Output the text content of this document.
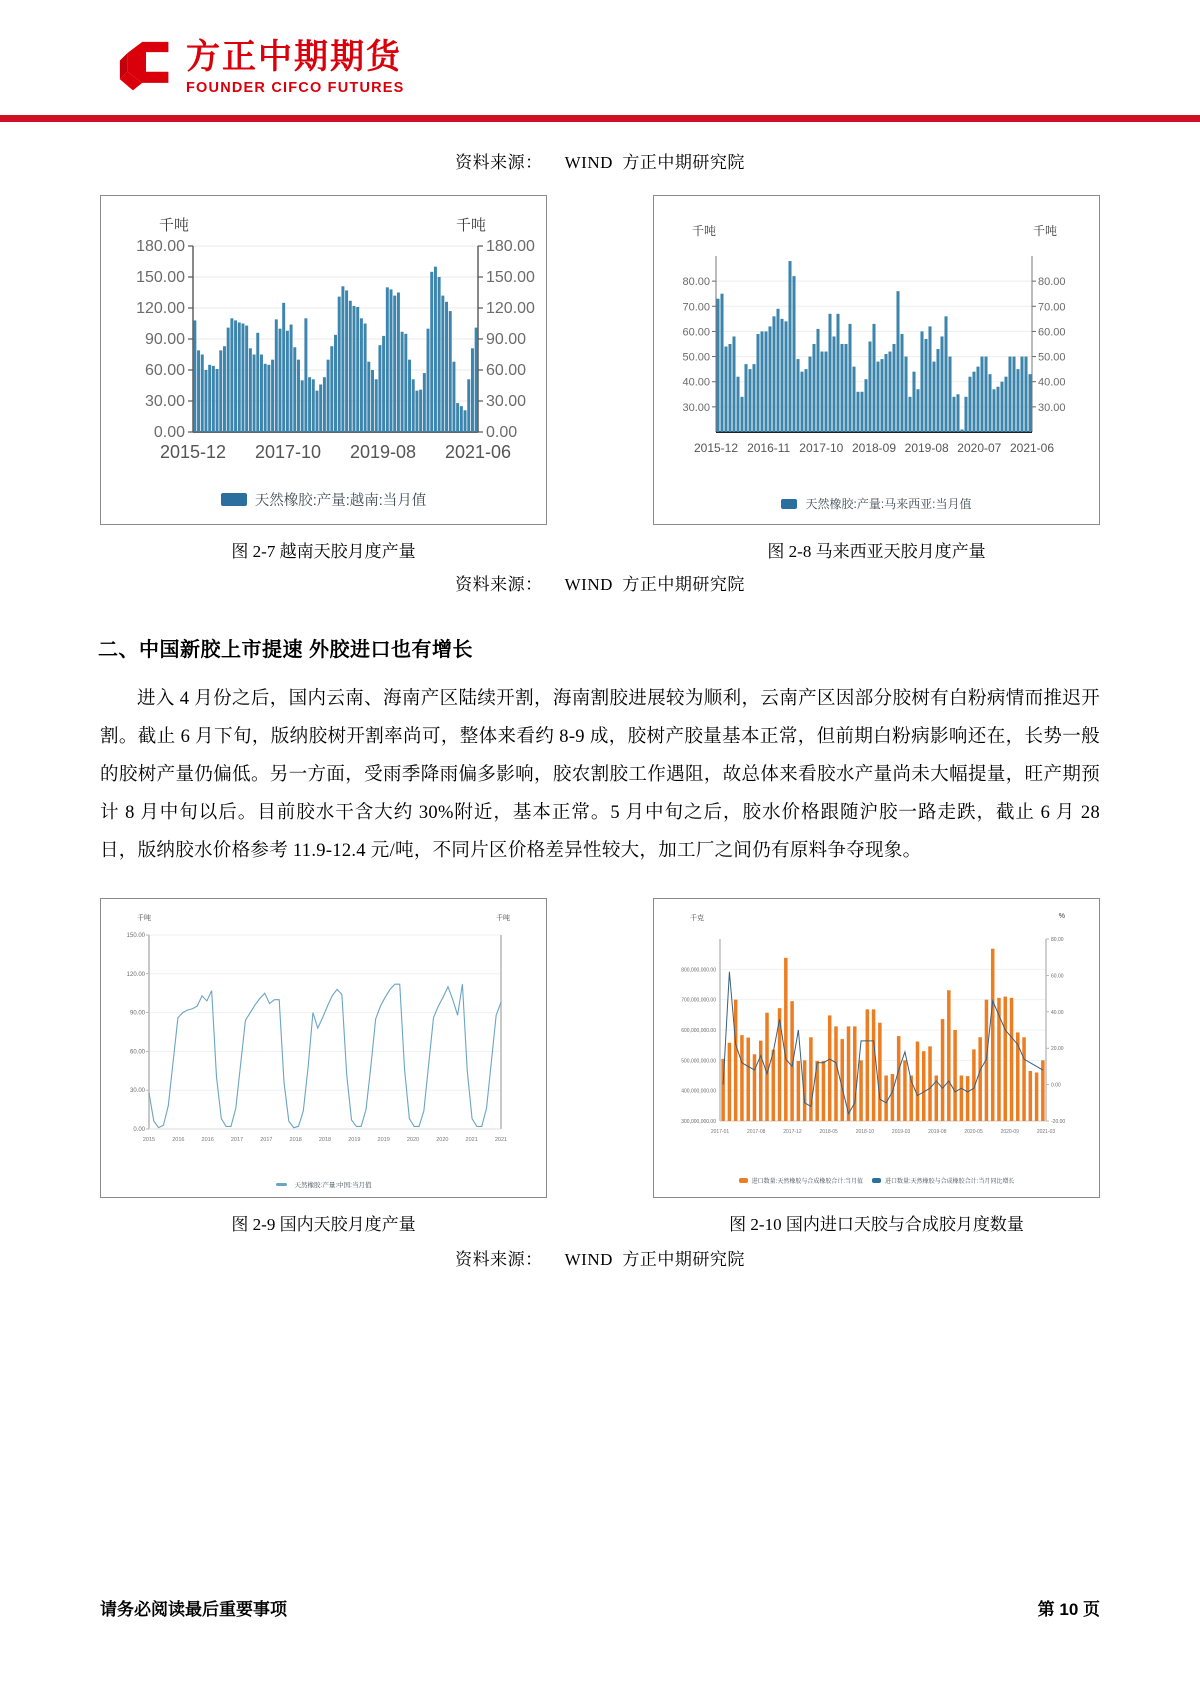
方正中期期货
FOUNDER CIFCO FUTURES
资料来源： WIND 方正中期研究院
千吨	千吨
0.00	0.00
30.00	30.00
60.00	60.00
90.00	90.00
120.00	120.00
150.00	150.00
180.00	180.00
2015-12 2017-10 2019-08 2021-06
天然橡胶:产量:越南:当月值
千吨	千吨
30.00	30.00
40.00	40.00
50.00	50.00
60.00	60.00
70.00	70.00
80.00	80.00
2015-12 2016-11 2017-10 2018-09 2019-08 2020-07 2021-06
天然橡胶:产量:马来西亚:当月值
图 2-7 越南天胶月度产量	图 2-8 马来西亚天胶月度产量
资料来源： WIND 方正中期研究院
二、中国新胶上市提速 外胶进口也有增长

进入 4 月份之后，国内云南、海南产区陆续开割，海南割胶进展较为顺利，云南产区因部分胶树有白粉病情而推迟开割。截止 6 月下旬，版纳胶树开割率尚可，整体来看约 8-9 成，胶树产胶量基本正常，但前期白粉病影响还在，长势一般的胶树产量仍偏低。另一方面，受雨季降雨偏多影响，胶农割胶工作遇阻，故总体来看胶水产量尚未大幅提量，旺产期预计 8 月中旬以后。目前胶水干含大约 30%附近，基本正常。5 月中旬之后，胶水价格跟随沪胶一路走跌，截止 6 月 28 日，版纳胶水价格参考 11.9-12.4 元/吨，不同片区价格差异性较大，加工厂之间仍有原料争夺现象。

千吨	千吨
0.00
30.00
60.00
90.00
120.00
150.00
2015	2016	2016	2017	2017	2018	2018	2019	2019	2020	2020	2021	2021
天然橡胶:产量:中国:当月值
千克	%
300,000,000.00
400,000,000.00
500,000,000.00
600,000,000.00
700,000,000.00
800,000,000.00
-20.00
0.00
20.00
40.00
60.00
80.00
2017-01	2017-08	2017-12	2018-05	2018-10	2019-03	2019-08	2020-05	2020-09	2021-03
进口数量:天然橡胶与合成橡胶合计:当月值	进口数量:天然橡胶与合成橡胶合计:当月同比增长
图 2-9 国内天胶月度产量	图 2-10 国内进口天胶与合成胶月度数量
资料来源： WIND 方正中期研究院
请务必阅读最后重要事项	第 10 页
